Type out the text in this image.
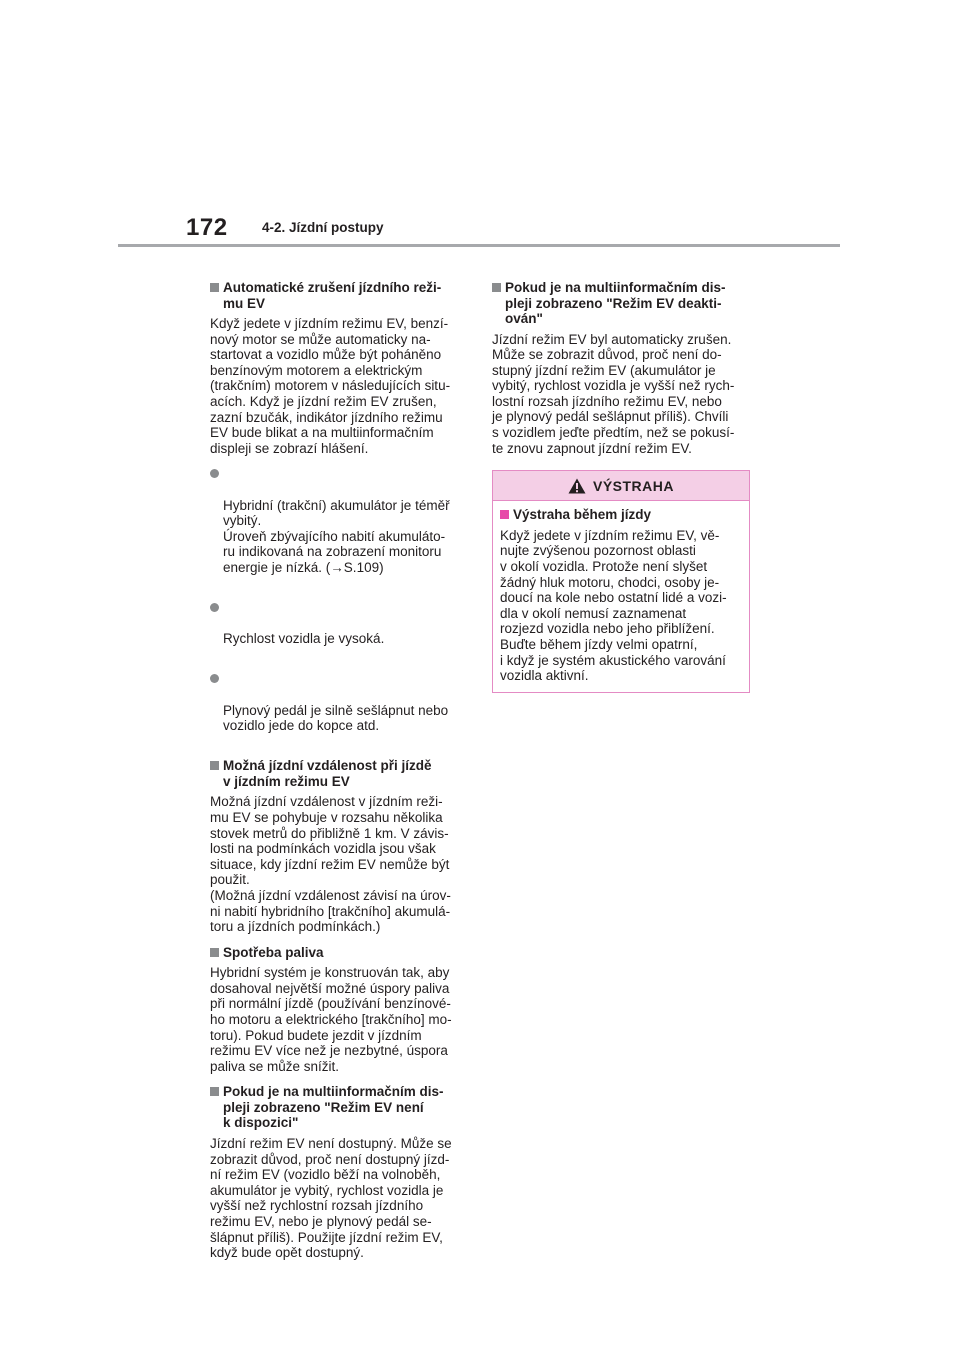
172	4-2. Jízdní postupy
Automatické zrušení jízdního reži-
mu EV

Když jedete v jízdním režimu EV, benzí-
nový motor se může automaticky na-
startovat a vozidlo může být poháněno
benzínovým motorem a elektrickým
(trakčním) motorem v následujících situ-
acích. Když je jízdní režim EV zrušen,
zazní bzučák, indikátor jízdního režimu
EV bude blikat a na multiinformačním
displeji se zobrazí hlášení.

Hybridní (trakční) akumulátor je téměř
vybitý.
Úroveň zbývajícího nabití akumuláto-
ru indikovaná na zobrazení monitoru
energie je nízká. (→S.109)

Rychlost vozidla je vysoká.

Plynový pedál je silně sešlápnut nebo
vozidlo jede do kopce atd.

Možná jízdní vzdálenost při jízdě
v jízdním režimu EV

Možná jízdní vzdálenost v jízdním reži-
mu EV se pohybuje v rozsahu několika
stovek metrů do přibližně 1 km. V závis-
losti na podmínkách vozidla jsou však
situace, kdy jízdní režim EV nemůže být
použit.
(Možná jízdní vzdálenost závisí na úrov-
ni nabití hybridního [trakčního] akumulá-
toru a jízdních podmínkách.)

Spotřeba paliva

Hybridní systém je konstruován tak, aby
dosahoval největší možné úspory paliva
při normální jízdě (používání benzínové-
ho motoru a elektrického [trakčního] mo-
toru). Pokud budete jezdit v jízdním
režimu EV více než je nezbytné, úspora
paliva se může snížit.

Pokud je na multiinformačním dis-
pleji zobrazeno "Režim EV není
k dispozici"

Jízdní režim EV není dostupný. Může se
zobrazit důvod, proč není dostupný jízd-
ní režim EV (vozidlo běží na volnoběh,
akumulátor je vybitý, rychlost vozidla je
vyšší než rychlostní rozsah jízdního
režimu EV, nebo je plynový pedál se-
šlápnut příliš). Použijte jízdní režim EV,
když bude opět dostupný.

Pokud je na multiinformačním dis-
pleji zobrazeno "Režim EV deakti-
ován"

Jízdní režim EV byl automaticky zrušen.
Může se zobrazit důvod, proč není do-
stupný jízdní režim EV (akumulátor je
vybitý, rychlost vozidla je vyšší než rych-
lostní rozsah jízdního režimu EV, nebo
je plynový pedál sešlápnut příliš). Chvíli
s vozidlem jeďte předtím, než se pokusí-
te znovu zapnout jízdní režim EV.

VÝSTRAHA
Výstraha během jízdy

Když jedete v jízdním režimu EV, vě-
nujte zvýšenou pozornost oblasti
v okolí vozidla. Protože není slyšet
žádný hluk motoru, chodci, osoby je-
doucí na kole nebo ostatní lidé a vozi-
dla v okolí nemusí zaznamenat
rozjezd vozidla nebo jeho přiblížení.
Buďte během jízdy velmi opatrní,
i když je systém akustického varování
vozidla aktivní.
